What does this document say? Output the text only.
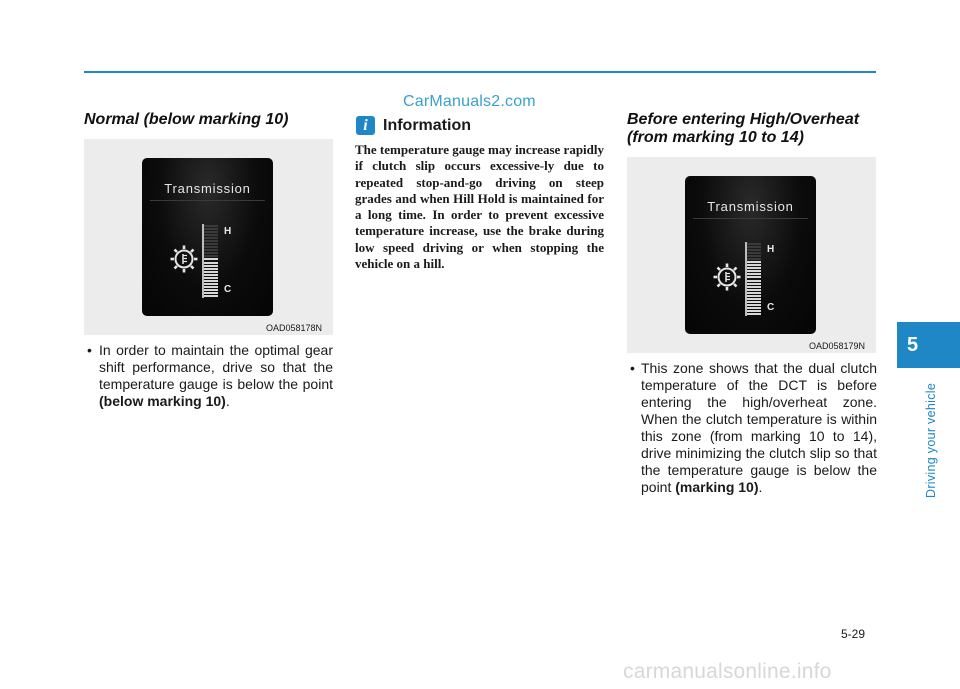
CarManuals2.com
Normal (below marking 10)
Transmission
H
C
OAD058178N
• In order to maintain the optimal gear shift performance, drive so that the temperature gauge is below the point (below marking 10).
i Information
The temperature gauge may increase rapidly if clutch slip occurs excessive-ly due to repeated stop-and-go driving on steep grades and when Hill Hold is maintained for a long time. In order to prevent excessive temperature increase, use the brake during low speed driving or when stopping the vehicle on a hill.
Before entering High/Overheat
(from marking 10 to 14)
Transmission
H
C
OAD058179N
• This zone shows that the dual clutch temperature of the DCT is before entering the high/overheat zone. When the clutch temperature is within this zone (from marking 10 to 14), drive minimizing the clutch slip so that the temperature gauge is below the point (marking 10).
5
Driving your vehicle
5-29
carmanualsonline.info
